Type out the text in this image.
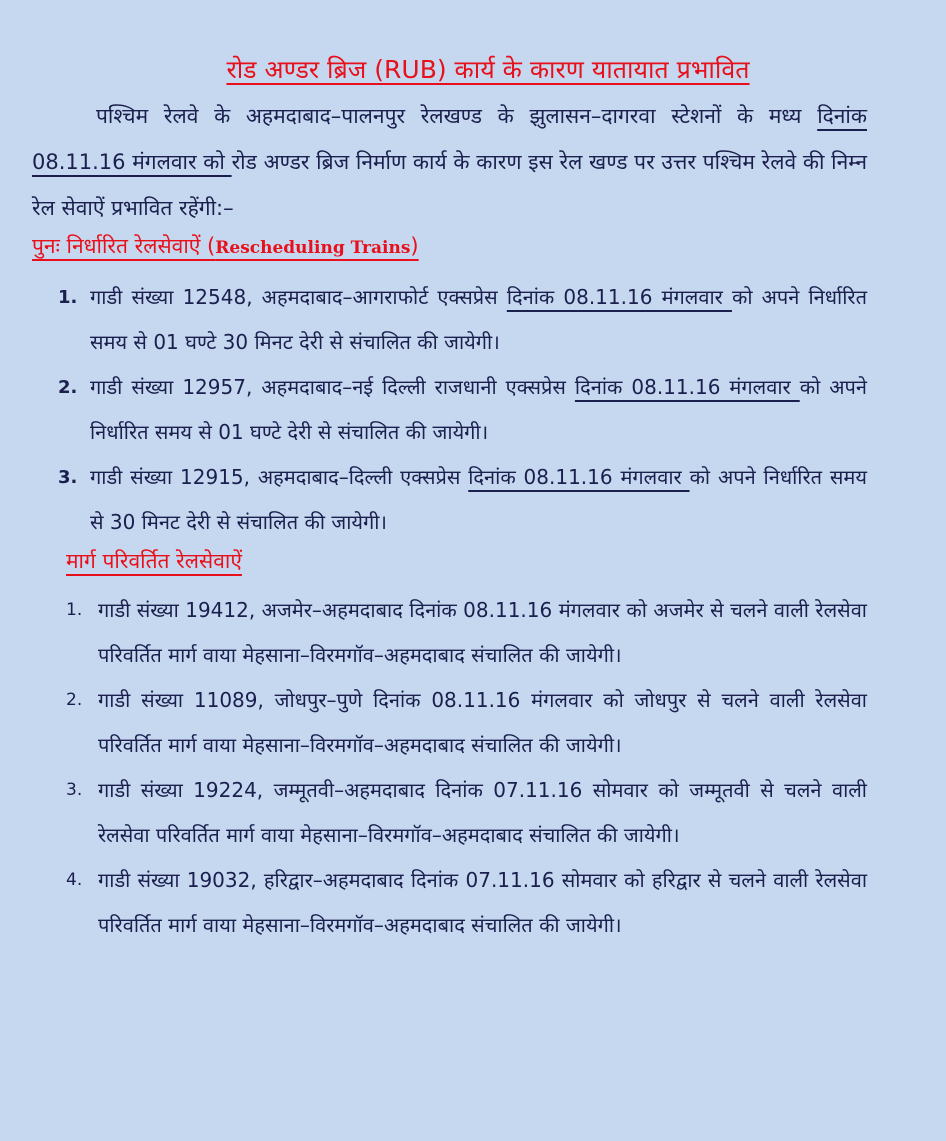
रोड अण्डर ब्रिज (RUB) कार्य के कारण यातायात प्रभावित
पश्चिम रेलवे के अहमदाबाद–पालनपुर रेलखण्ड के झुलासन–दागरवा स्टेशनों के मध्य दिनांक 08.11.16 मंगलवार को रोड अण्डर ब्रिज निर्माण कार्य के कारण इस रेल खण्ड पर उत्तर पश्चिम रेलवे की निम्न रेल सेवाऐं प्रभावित रहेंगी:–
पुनः निर्धारित रेलसेवाऐं (Rescheduling Trains)
1. गाडी संख्या 12548, अहमदाबाद–आगराफोर्ट एक्सप्रेस दिनांक 08.11.16 मंगलवार को अपने निर्धारित समय से 01 घण्टे 30 मिनट देरी से संचालित की जायेगी।
2. गाडी संख्या 12957, अहमदाबाद–नई दिल्ली राजधानी एक्सप्रेस दिनांक 08.11.16 मंगलवार को अपने निर्धारित समय से 01 घण्टे देरी से संचालित की जायेगी।
3. गाडी संख्या 12915, अहमदाबाद–दिल्ली एक्सप्रेस दिनांक 08.11.16 मंगलवार को अपने निर्धारित समय से 30 मिनट देरी से संचालित की जायेगी।
मार्ग परिवर्तित रेलसेवाऐं
1. गाडी संख्या 19412, अजमेर–अहमदाबाद दिनांक 08.11.16 मंगलवार को अजमेर से चलने वाली रेलसेवा परिवर्तित मार्ग वाया मेहसाना–विरमगॉव–अहमदाबाद संचालित की जायेगी।
2. गाडी संख्या 11089, जोधपुर–पुणे दिनांक 08.11.16 मंगलवार को जोधपुर से चलने वाली रेलसेवा परिवर्तित मार्ग वाया मेहसाना–विरमगॉव–अहमदाबाद संचालित की जायेगी।
3. गाडी संख्या 19224, जम्मूतवी–अहमदाबाद दिनांक 07.11.16 सोमवार को जम्मूतवी से चलने वाली रेलसेवा परिवर्तित मार्ग वाया मेहसाना–विरमगॉव–अहमदाबाद संचालित की जायेगी।
4. गाडी संख्या 19032, हरिद्वार–अहमदाबाद दिनांक 07.11.16 सोमवार को हरिद्वार से चलने वाली रेलसेवा परिवर्तित मार्ग वाया मेहसाना–विरमगॉव–अहमदाबाद संचालित की जायेगी।
